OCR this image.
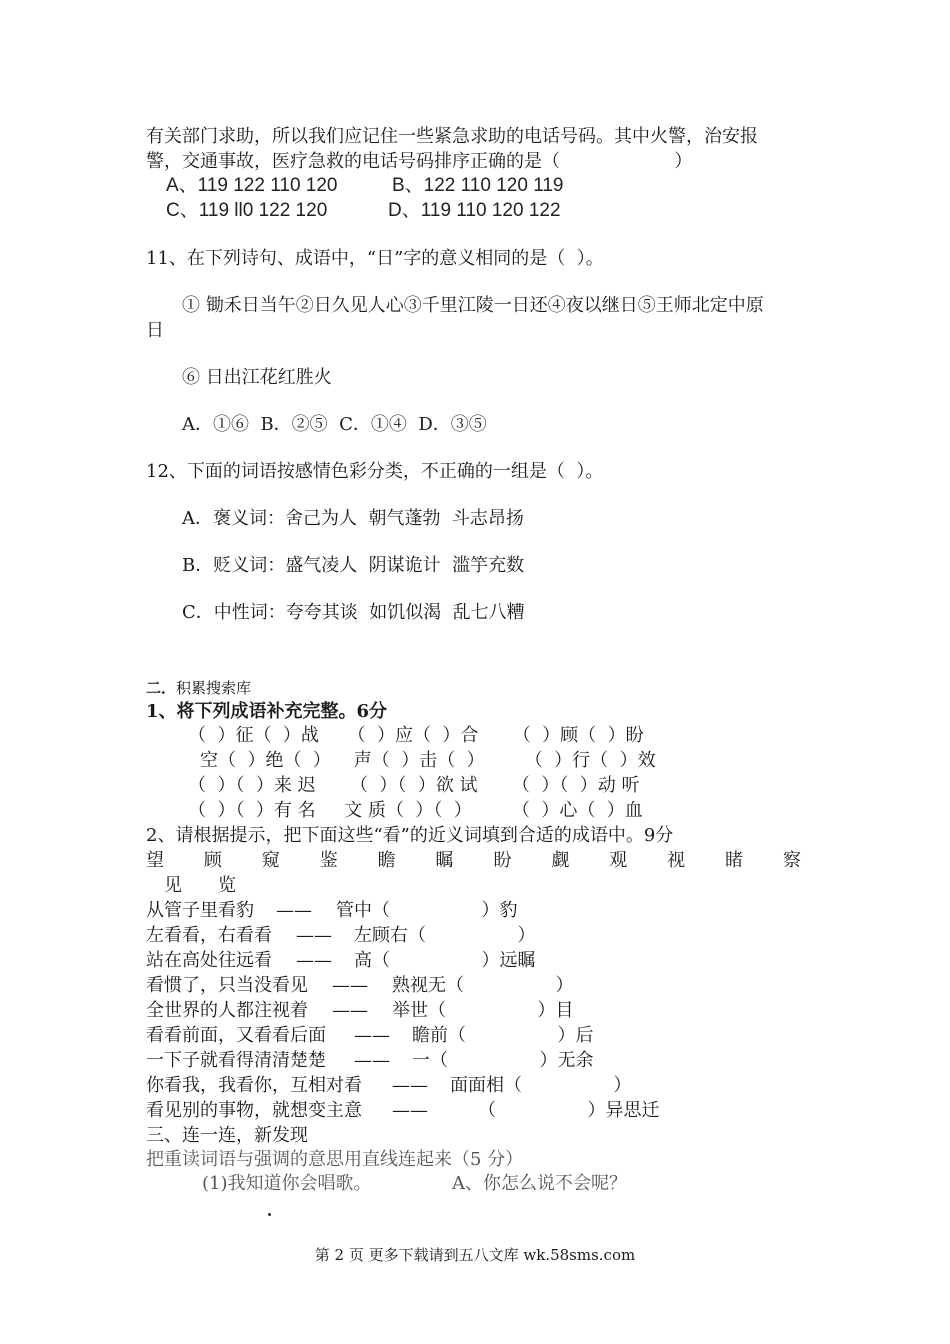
有关部门求助，所以我们应记住一些紧急求助的电话号码。其中火警，治安报
警，交通事故，医疗急救的电话号码排序正确的是（                    ）
A、119 122 110 120	B、122 110 120 119
C、119 ll0 122 120	D、119 110 120 122
11、在下列诗句、成语中，“日”字的意义相同的是（  ）。
① 锄禾日当午②日久见人心③千里江陵一日还④夜以继日⑤王师北定中原
日
⑥ 日出江花红胜火
A．①⑥  B．②⑤  C．①④  D．③⑤
12、下面的词语按感情色彩分类，不正确的一组是（  ）。
A．褒义词：舍己为人  朝气蓬勃  斗志昂扬
B．贬义词：盛气凌人  阴谋诡计  滥竽充数
C．中性词：夸夸其谈  如饥似渴  乱七八糟
二．积累搜索库
1、将下列成语补充完整。6分
（  ）征（  ）战     （  ）应（  ）合      （  ）顾（  ）盼
空（  ）绝（  ）    声（  ）击（  ）       （  ）行（  ）效
（  ）（  ）来 迟      （  ）（  ）欲 试      （  ）（  ）动 听
（  ）（  ）有 名     文 质（  ）（  ）       （  ）心（  ）血
2、请根据提示，把下面这些“看”的近义词填到合适的成语中。9分
望 顾 窥 鉴 瞻 瞩 盼 觑 观 视 睹 察
见 览
从管子里看豹 —— 管中（                ）豹
左看看，右看看 —— 左顾右（                ）
站在高处往远看 —— 高（                ）远瞩
看惯了，只当没看见 —— 熟视无（                ）
全世界的人都注视着 —— 举世（                ）目
看看前面，又看看后面 —— 瞻前（                ）后
一下子就看得清清楚楚 —— 一（                ）无余
你看我，我看你，互相对看 —— 面面相（                ）
看见别的事物，就想变主意 ——	（                ）异思迁
三、连一连，新发现
把重读词语与强调的意思用直线连起来（5 分）
(1)我知道你会唱歌。	A、你怎么说不会呢？
第 2 页 更多下载请到五八文库 wk.58sms.com
